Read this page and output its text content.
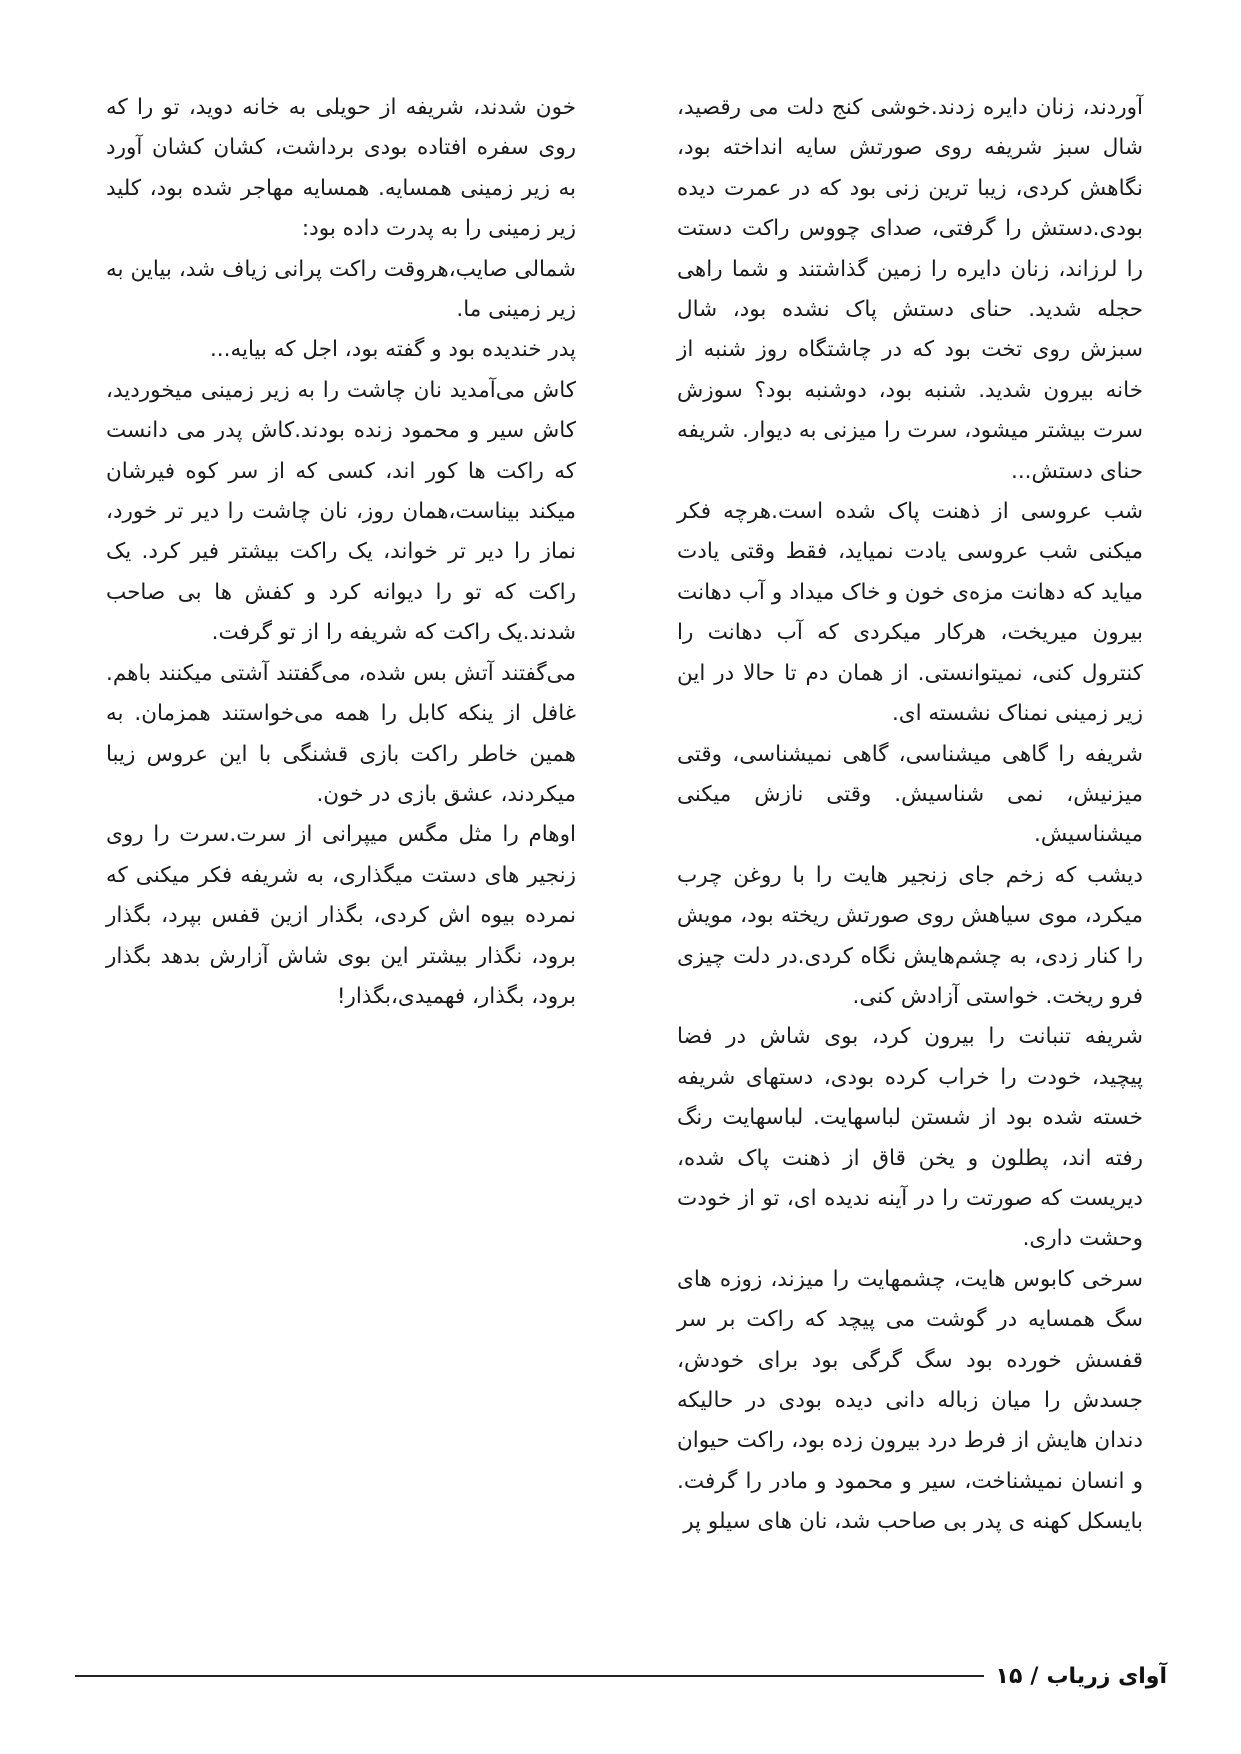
آوردند، زنان دایره زدند.خوشی کنج دلت می رقصید، شال سبز شریفه روی صورتش سایه انداخته بود، نگاهش کردی، زیبا ترین زنی بود که در عمرت دیده بودی.دستش را گرفتی، صدای چووس راکت دستت را لرزاند، زنان دایره را زمین گذاشتند و شما راهی حجله شدید. حنای دستش پاک نشده بود، شال سبزش روی تخت بود که در چاشتگاه روز شنبه از خانه بیرون شدید. شنبه بود، دوشنبه بود؟ سوزش سرت بیشتر میشود، سرت را میزنی به دیوار. شریفه حنای دستش...

شب عروسی از ذهنت پاک شده است.هرچه فکر میکنی شب عروسی یادت نمیاید، فقط وقتی یادت میاید که دهانت مزه‌ی خون و خاک میداد و آب دهانت بیرون میریخت، هرکار میکردی که آب دهانت را کنترول کنی، نمیتوانستی. از همان دم تا حالا در این زیر زمینی نمناک نشسته ای.

شریفه را گاهی میشناسی، گاهی نمیشناسی، وقتی میزنیش، نمی شناسیش. وقتی نازش میکنی میشناسیش.

دیشب که زخم جای زنجیر هایت را با روغن چرب میکرد، موی سیاهش روی صورتش ریخته بود، مویش را کنار زدی، به چشم‌هایش نگاه کردی.در دلت چیزی فرو ریخت. خواستی آزادش کنی.

شریفه تنبانت را بیرون کرد، بوی شاش در فضا پیچید، خودت را خراب کرده بودی، دستهای شریفه خسته شده بود از شستن لباسهایت. لباسهایت رنگ رفته اند، پطلون و یخن قاق از ذهنت پاک شده، دیریست که صورتت را در آینه ندیده ای، تو از خودت وحشت داری.

سرخی کابوس هایت، چشمهایت را میزند، زوزه های سگ همسایه در گوشت می پیچد که راکت بر سر قفسش خورده بود سگ گرگی بود برای خودش، جسدش را میان زباله دانی دیده بودی در حالیکه دندان هایش از فرط درد بیرون زده بود، راکت حیوان و انسان نمیشناخت، سیر و محمود و مادر را گرفت. بایسکل کهنه ی پدر بی صاحب شد، نان های سیلو پر

خون شدند، شریفه از حویلی به خانه دوید، تو را که روی سفره افتاده بودی برداشت، کشان کشان آورد به زیر زمینی همسایه. همسایه مهاجر شده بود، کلید زیر زمینی را به پدرت داده بود:

شمالی صایب،هروقت راکت پرانی زیاف شد، بیاین به زیر زمینی ما.

پدر خندیده بود و گفته بود، اجل که بیایه...

کاش می‌آمدید نان چاشت را به زیر زمینی میخوردید، کاش سیر و محمود زنده بودند.کاش پدر می دانست که راکت ها کور اند، کسی که از سر کوه فیرشان میکند بیناست،همان روز، نان چاشت را دیر تر خورد، نماز را دیر تر خواند، یک راکت بیشتر فیر کرد. یک راکت که تو را دیوانه کرد و کفش ها بی صاحب شدند.یک راکت که شریفه را از تو گرفت.

می‌گفتند آتش بس شده، می‌گفتند آشتی میکنند باهم. غافل از ینکه کابل را همه می‌خواستند همزمان. به همین خاطر راکت بازی قشنگی با این عروس زیبا میکردند، عشق بازی در خون.

اوهام را مثل مگس میپرانی از سرت.سرت را روی زنجیر های دستت میگذاری، به شریفه فکر میکنی که نمرده بیوه اش کردی، بگذار ازین قفس بپرد، بگذار برود، نگذار بیشتر این بوی شاش آزارش بدهد بگذار برود، بگذار، فهمیدی،بگذار!

آوای زریاب
/
۱۵
